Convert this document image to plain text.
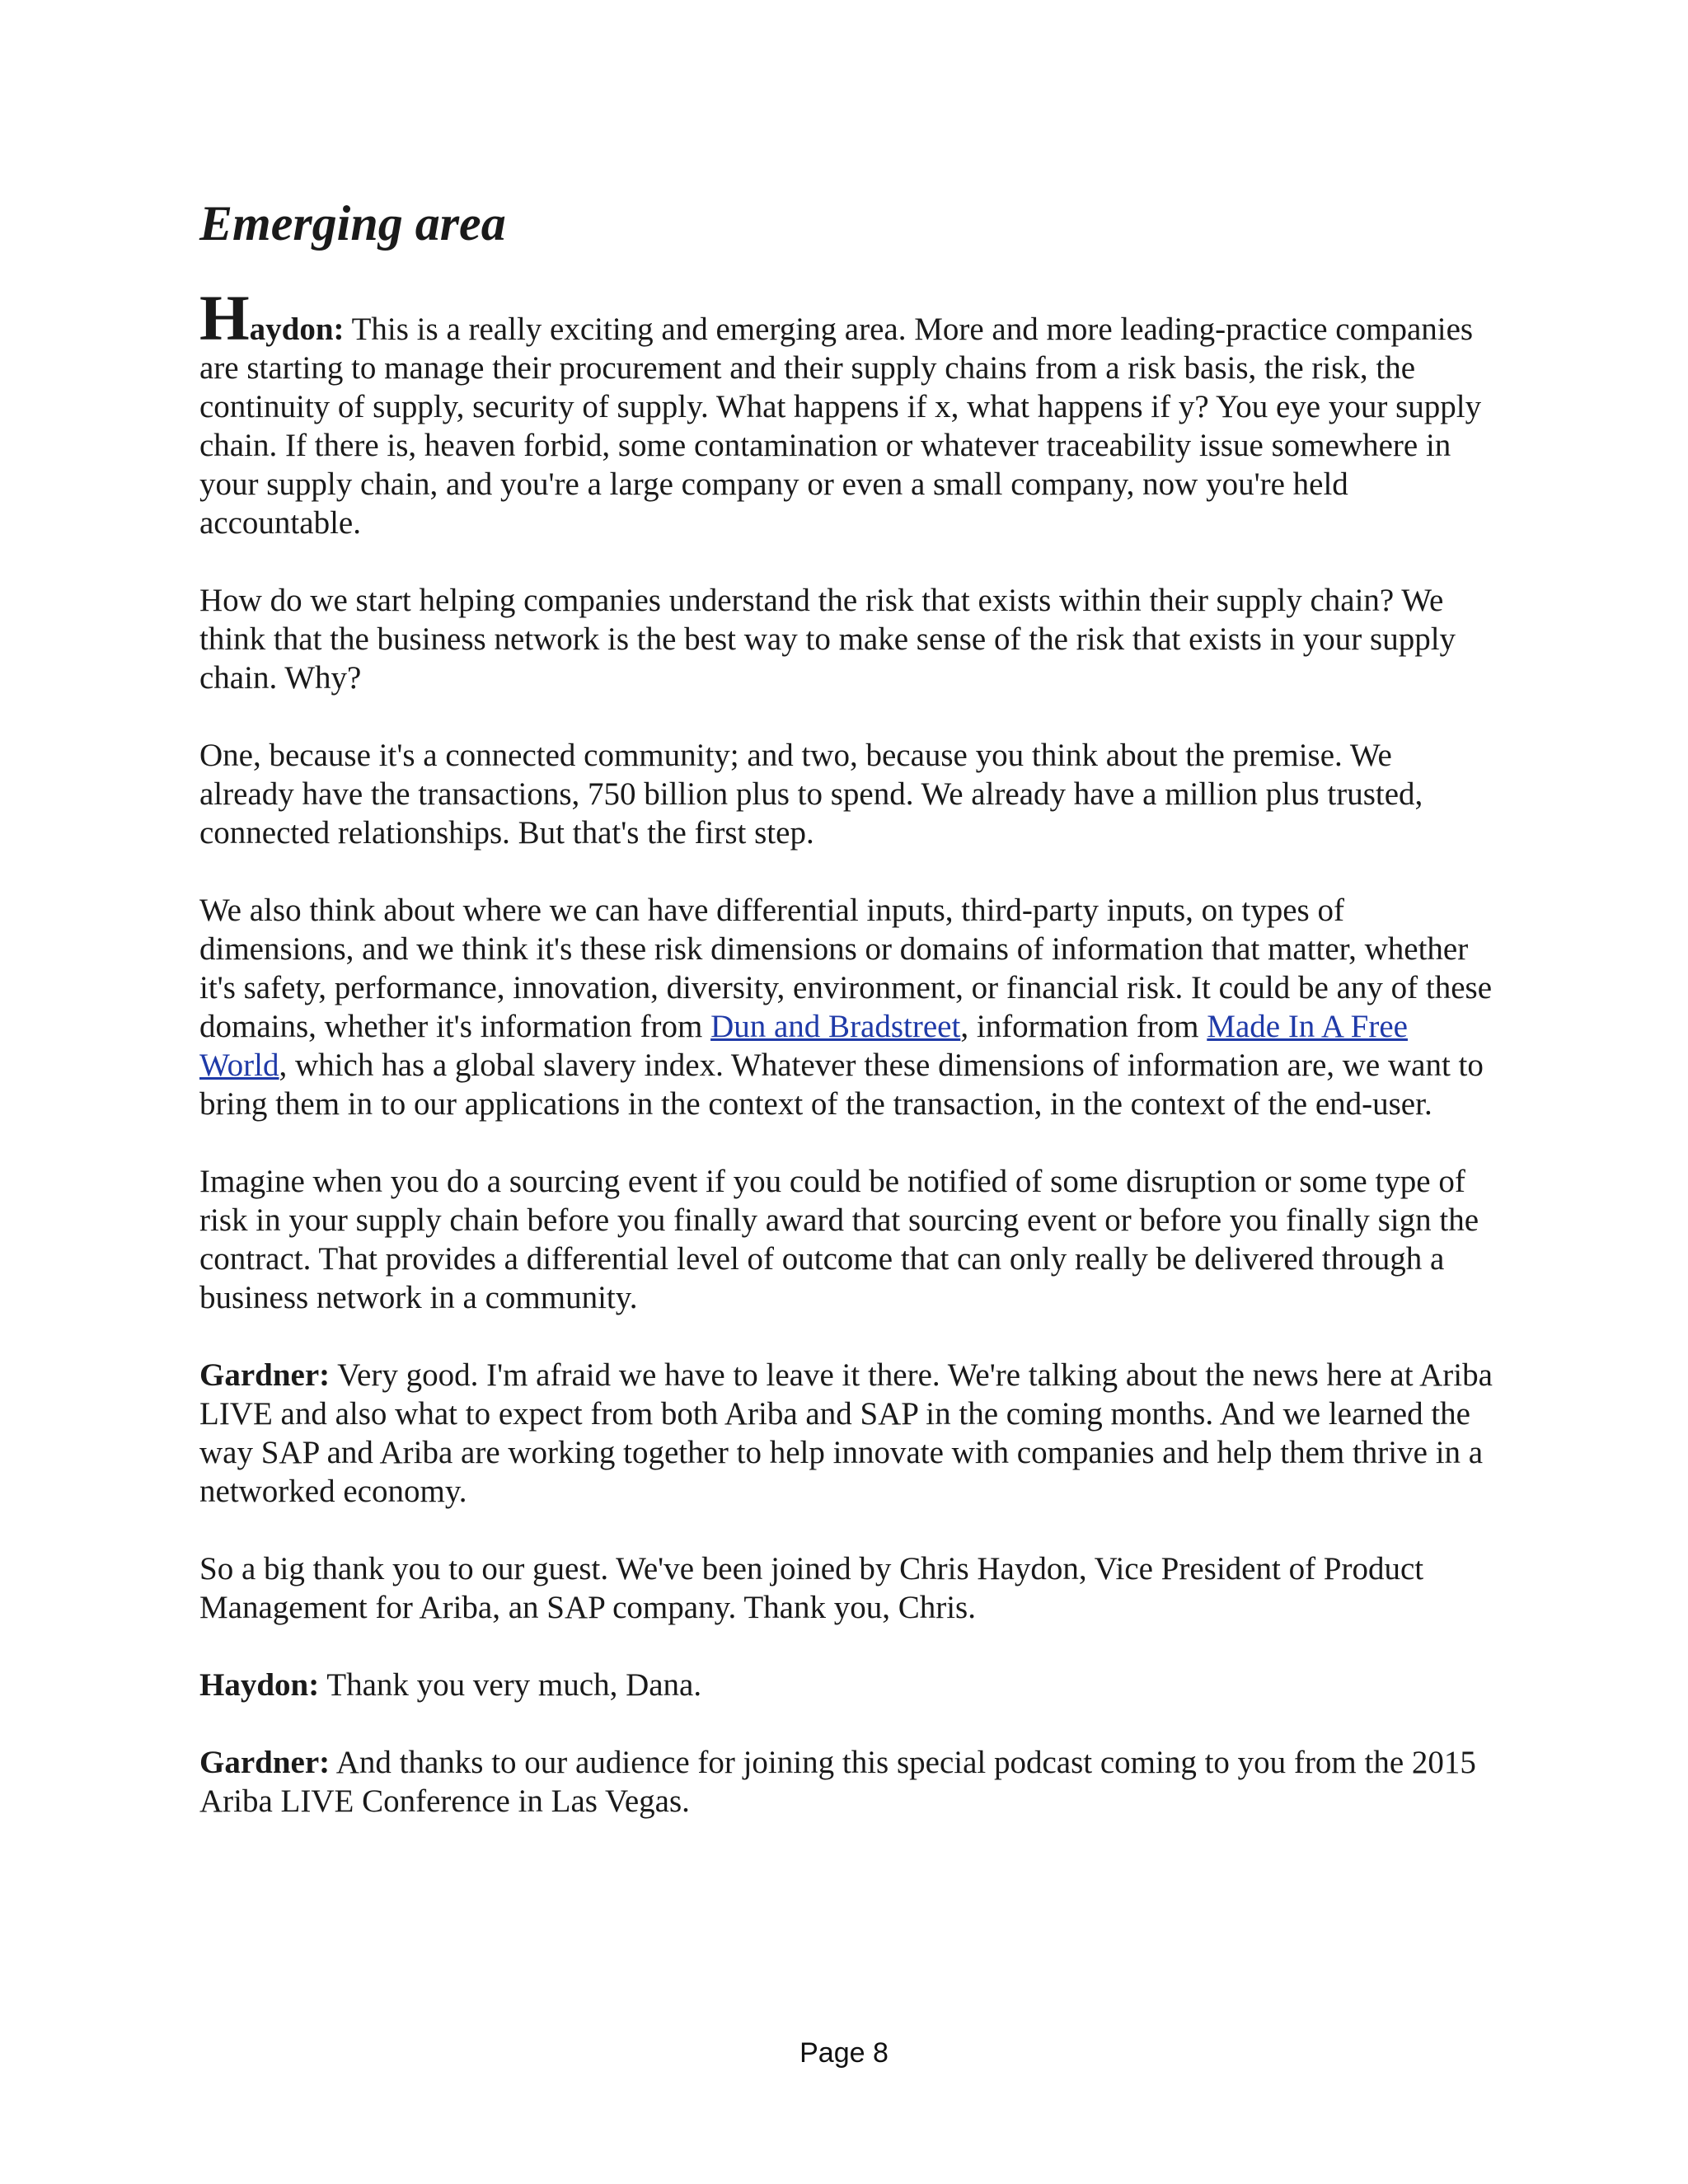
Emerging area

Haydon: This is a really exciting and emerging area. More and more leading-practice companies are starting to manage their procurement and their supply chains from a risk basis, the risk, the continuity of supply, security of supply. What happens if x, what happens if y? You eye your supply chain. If there is, heaven forbid, some contamination or whatever traceability issue somewhere in your supply chain, and you're a large company or even a small company, now you're held accountable.

How do we start helping companies understand the risk that exists within their supply chain? We think that the business network is the best way to make sense of the risk that exists in your supply chain. Why?

One, because it's a connected community; and two, because you think about the premise. We already have the transactions, 750 billion plus to spend. We already have a million plus trusted, connected relationships. But that's the first step.

We also think about where we can have differential inputs, third-party inputs, on types of dimensions, and we think it's these risk dimensions or domains of information that matter, whether it's safety, performance, innovation, diversity, environment, or financial risk. It could be any of these domains, whether it's information from Dun and Bradstreet, information from Made In A Free World, which has a global slavery index. Whatever these dimensions of information are, we want to bring them in to our applications in the context of the transaction, in the context of the end-user.

Imagine when you do a sourcing event if you could be notified of some disruption or some type of risk in your supply chain before you finally award that sourcing event or before you finally sign the contract. That provides a differential level of outcome that can only really be delivered through a business network in a community.

Gardner: Very good. I'm afraid we have to leave it there. We're talking about the news here at Ariba LIVE and also what to expect from both Ariba and SAP in the coming months. And we learned the way SAP and Ariba are working together to help innovate with companies and help them thrive in a networked economy.

So a big thank you to our guest. We've been joined by Chris Haydon, Vice President of Product Management for Ariba, an SAP company. Thank you, Chris.

Haydon: Thank you very much, Dana.

Gardner: And thanks to our audience for joining this special podcast coming to you from the 2015 Ariba LIVE Conference in Las Vegas.

Page 8
